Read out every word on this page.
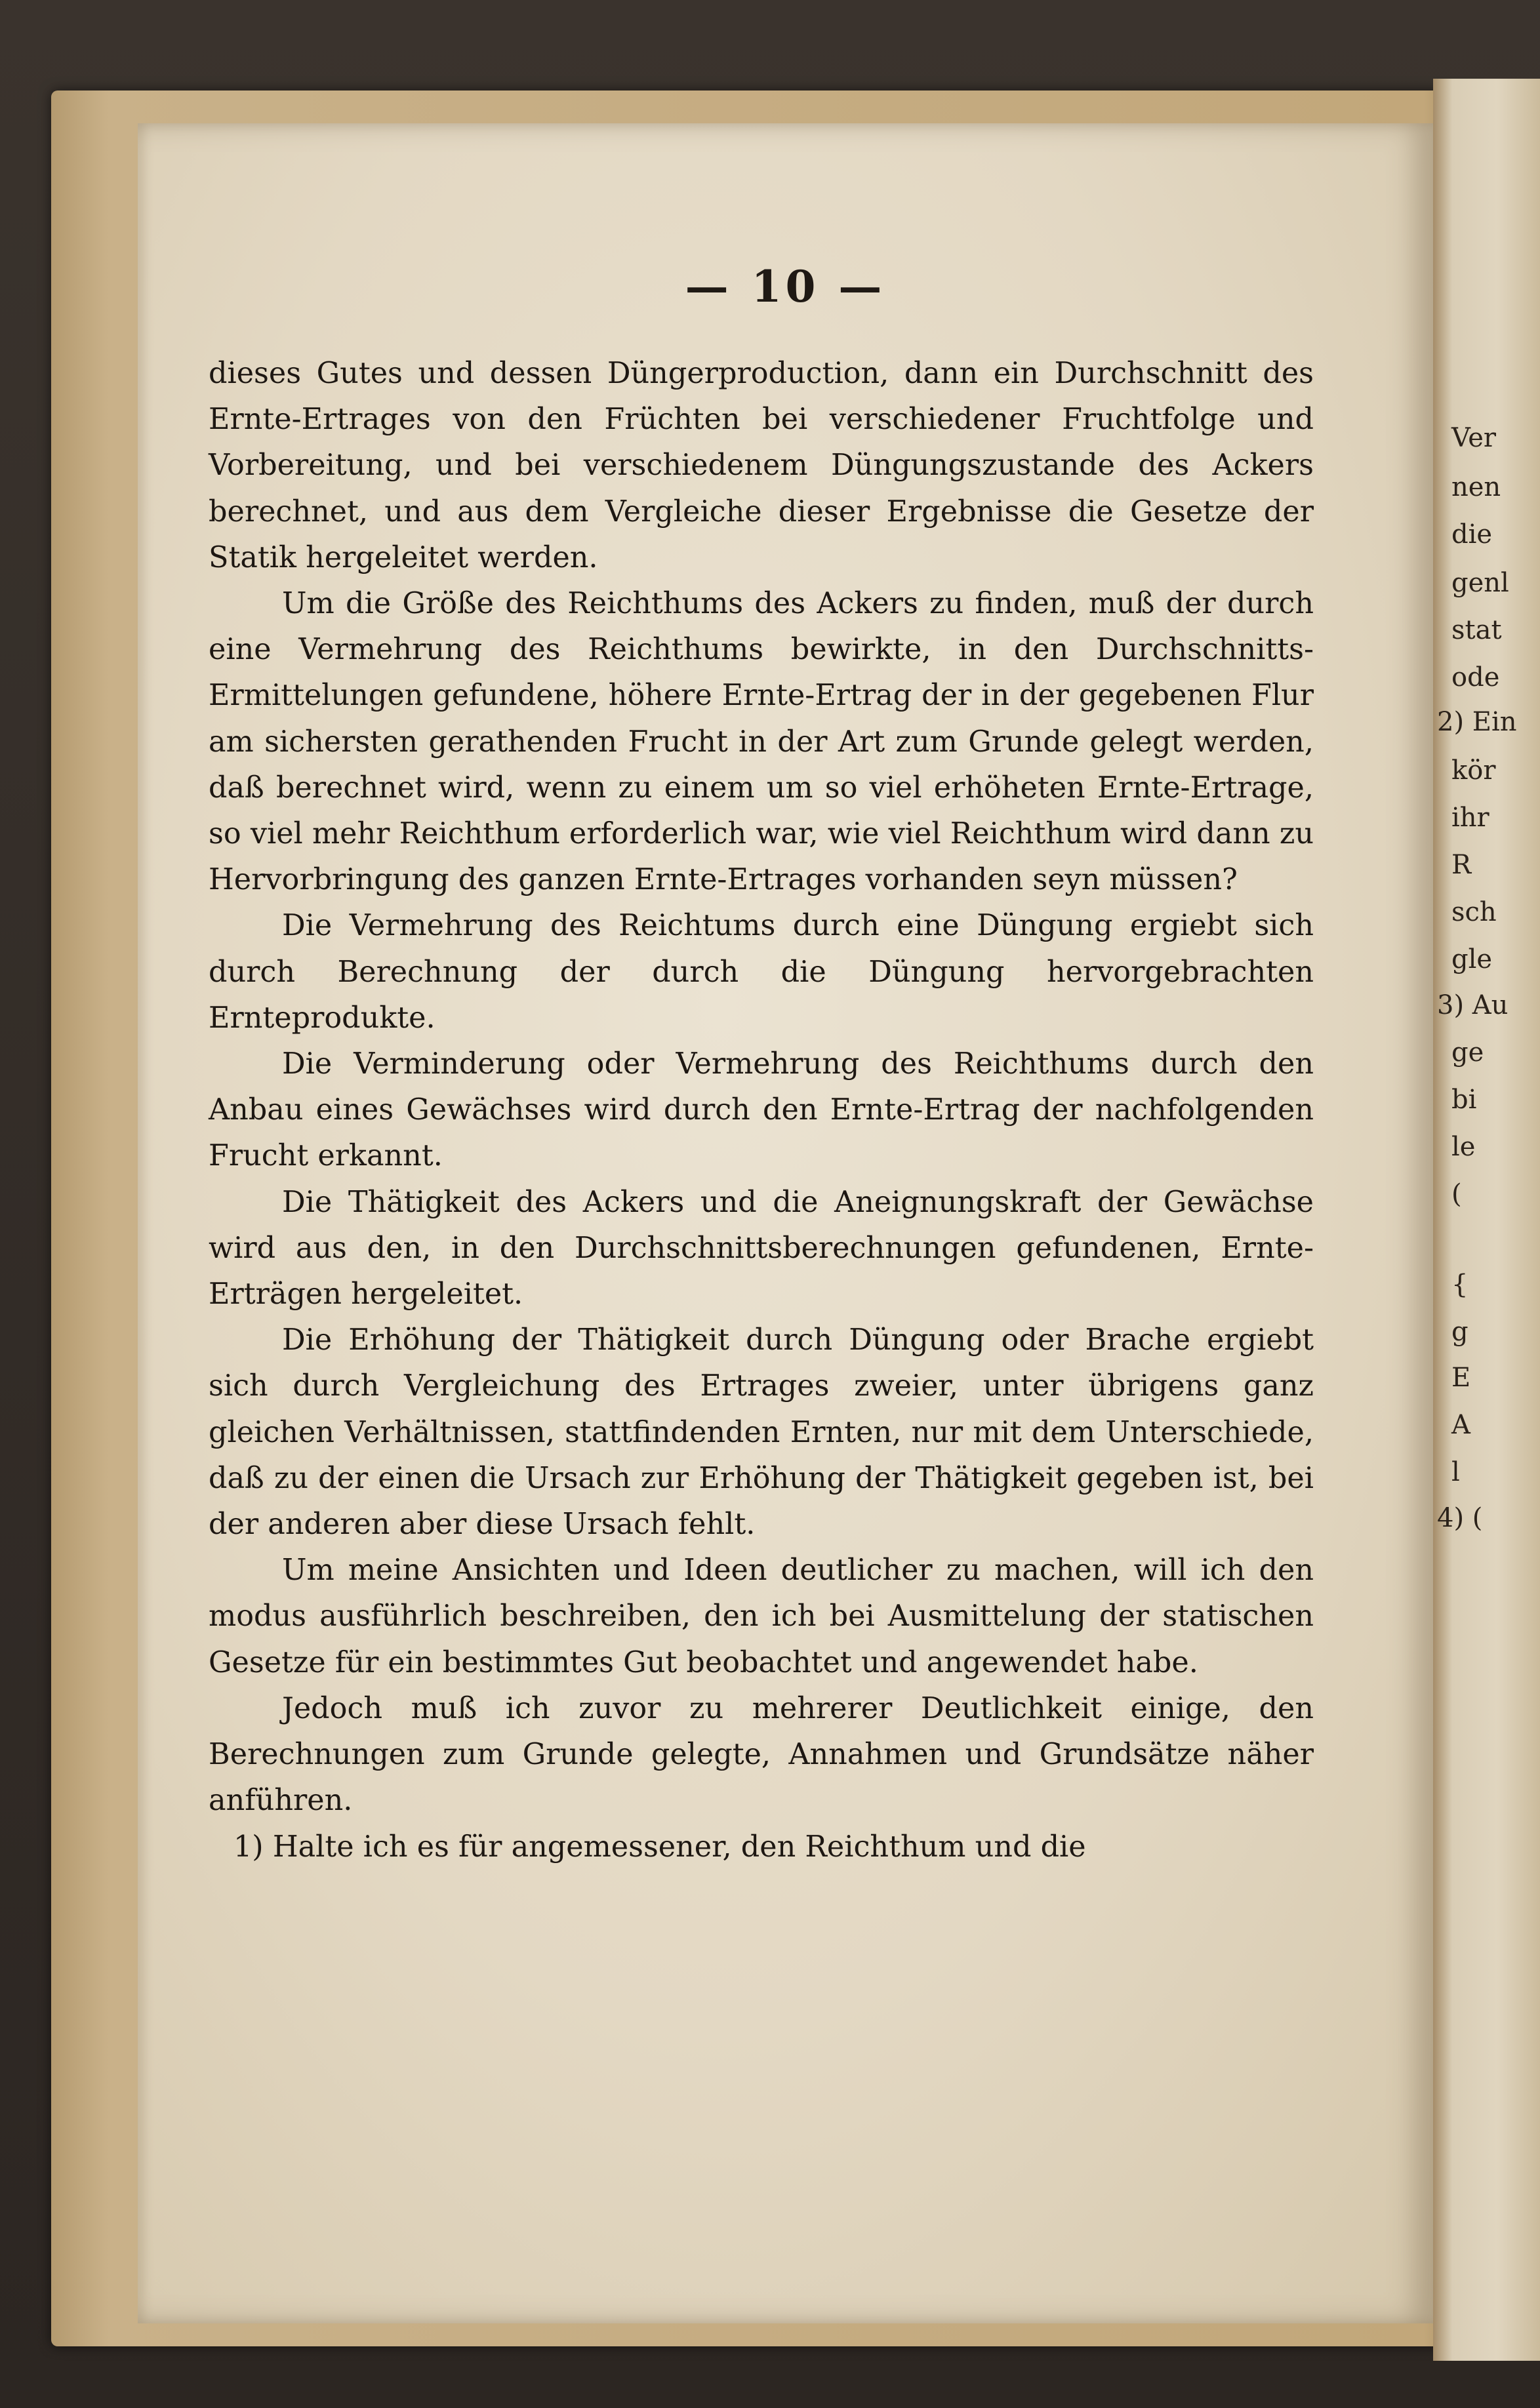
— 10 —

dieses Gutes und dessen Düngerproduction, dann ein Durchschnitt des Ernte-Ertrages von den Früchten bei verschiedener Fruchtfolge und Vorbereitung, und bei verschiedenem Düngungszustande des Ackers berechnet, und aus dem Vergleiche dieser Ergebnisse die Gesetze der Statik hergeleitet werden.

Um die Größe des Reichthums des Ackers zu finden, muß der durch eine Vermehrung des Reichthums bewirkte, in den Durchschnitts-Ermittelungen gefundene, höhere Ernte-Ertrag der in der gegebenen Flur am sichersten gerathenden Frucht in der Art zum Grunde gelegt werden, daß berechnet wird, wenn zu einem um so viel erhöheten Ernte-Ertrage, so viel mehr Reichthum erforderlich war, wie viel Reichthum wird dann zu Hervorbringung des ganzen Ernte-Ertrages vorhanden seyn müssen?

Die Vermehrung des Reichtums durch eine Düngung ergiebt sich durch Berechnung der durch die Düngung hervorgebrachten Ernteprodukte.

Die Verminderung oder Vermehrung des Reichthums durch den Anbau eines Gewächses wird durch den Ernte-Ertrag der nachfolgenden Frucht erkannt.

Die Thätigkeit des Ackers und die Aneignungskraft der Gewächse wird aus den, in den Durchschnittsberechnungen gefundenen, Ernte-Erträgen hergeleitet.

Die Erhöhung der Thätigkeit durch Düngung oder Brache ergiebt sich durch Vergleichung des Ertrages zweier, unter übrigens ganz gleichen Verhältnissen, stattfindenden Ernten, nur mit dem Unterschiede, daß zu der einen die Ursach zur Erhöhung der Thätigkeit gegeben ist, bei der anderen aber diese Ursach fehlt.

Um meine Ansichten und Ideen deutlicher zu machen, will ich den modus ausführlich beschreiben, den ich bei Ausmittelung der statischen Gesetze für ein bestimmtes Gut beobachtet und angewendet habe.

Jedoch muß ich zuvor zu mehrerer Deutlichkeit einige, den Berechnungen zum Grunde gelegte, Annahmen und Grundsätze näher anführen.

1) Halte ich es für angemessener, den Reichthum und die

Ver
nen
die
genl
stat
ode
2) Ein
kör
ihr
R
sch
gle
3) Au
ge
bi
le
(
{
g
E
A
l
4) (
